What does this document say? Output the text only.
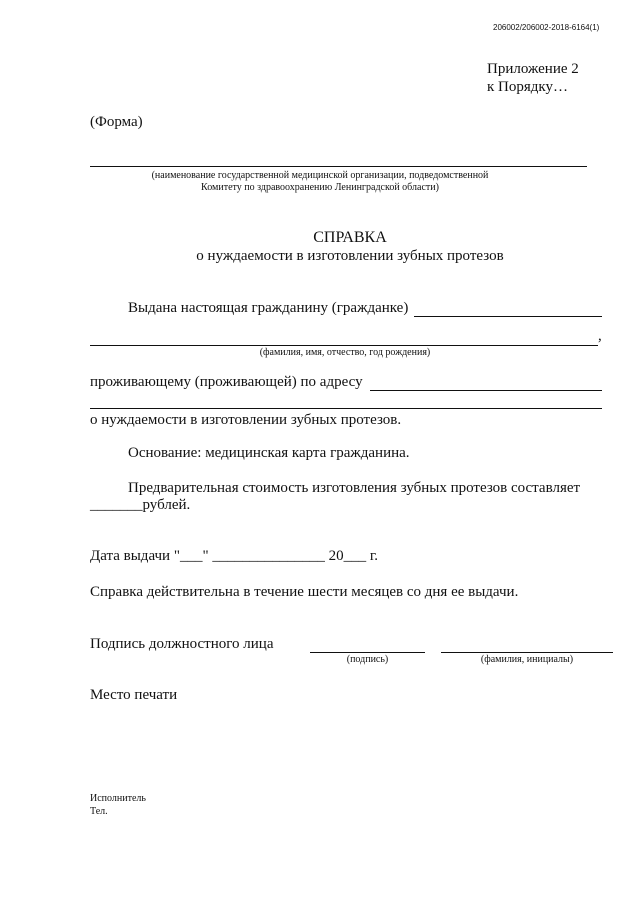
206002/206002-2018-6164(1)
Приложение 2
к Порядку…
(Форма)
(наименование государственной медицинской организации, подведомственной
Комитету по здравоохранению Ленинградской области)
СПРАВКА
о нуждаемости в изготовлении зубных протезов
Выдана настоящая гражданину (гражданке)
,
(фамилия, имя, отчество, год рождения)
проживающему (проживающей) по адресу
о нуждаемости в изготовлении зубных протезов.
Основание: медицинская карта гражданина.
Предварительная стоимость изготовления зубных протезов составляет
_______рублей.
Дата выдачи "___" _______________ 20___ г.
Справка действительна в течение шести месяцев со дня ее выдачи.
Подпись должностного лица
(подпись)	(фамилия, инициалы)
Место печати
Исполнитель
Тел.
